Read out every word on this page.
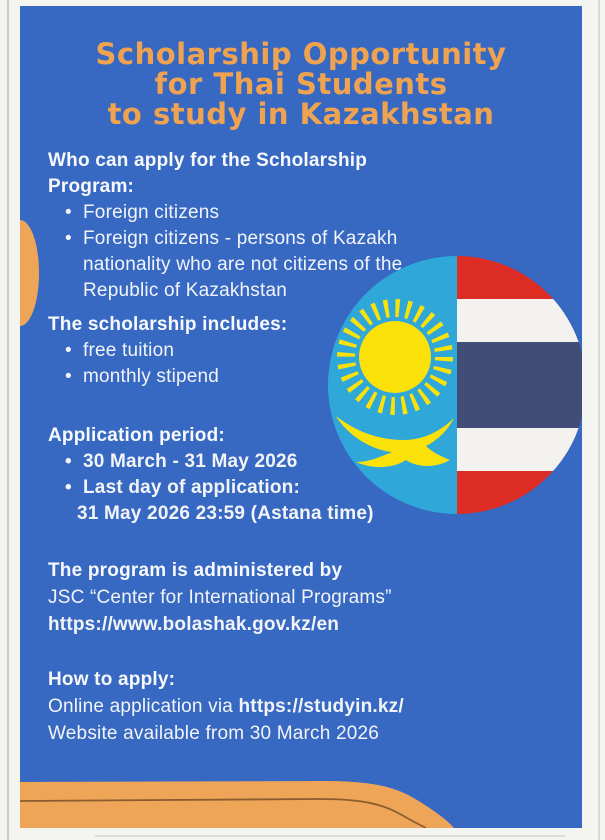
Scholarship Opportunity
for Thai Students
to study in Kazakhstan
Who can apply for the Scholarship Program:
• Foreign citizens
• Foreign citizens - persons of Kazakh nationality who are not citizens of the Republic of Kazakhstan
The scholarship includes:
• free tuition
• monthly stipend
Application period:
• 30 March - 31 May 2026
• Last day of application:
31 May 2026 23:59 (Astana time)
The program is administered by
JSC “Center for International Programs”
https://www.bolashak.gov.kz/en
How to apply:
Online application via https://studyin.kz/
Website available from 30 March 2026
